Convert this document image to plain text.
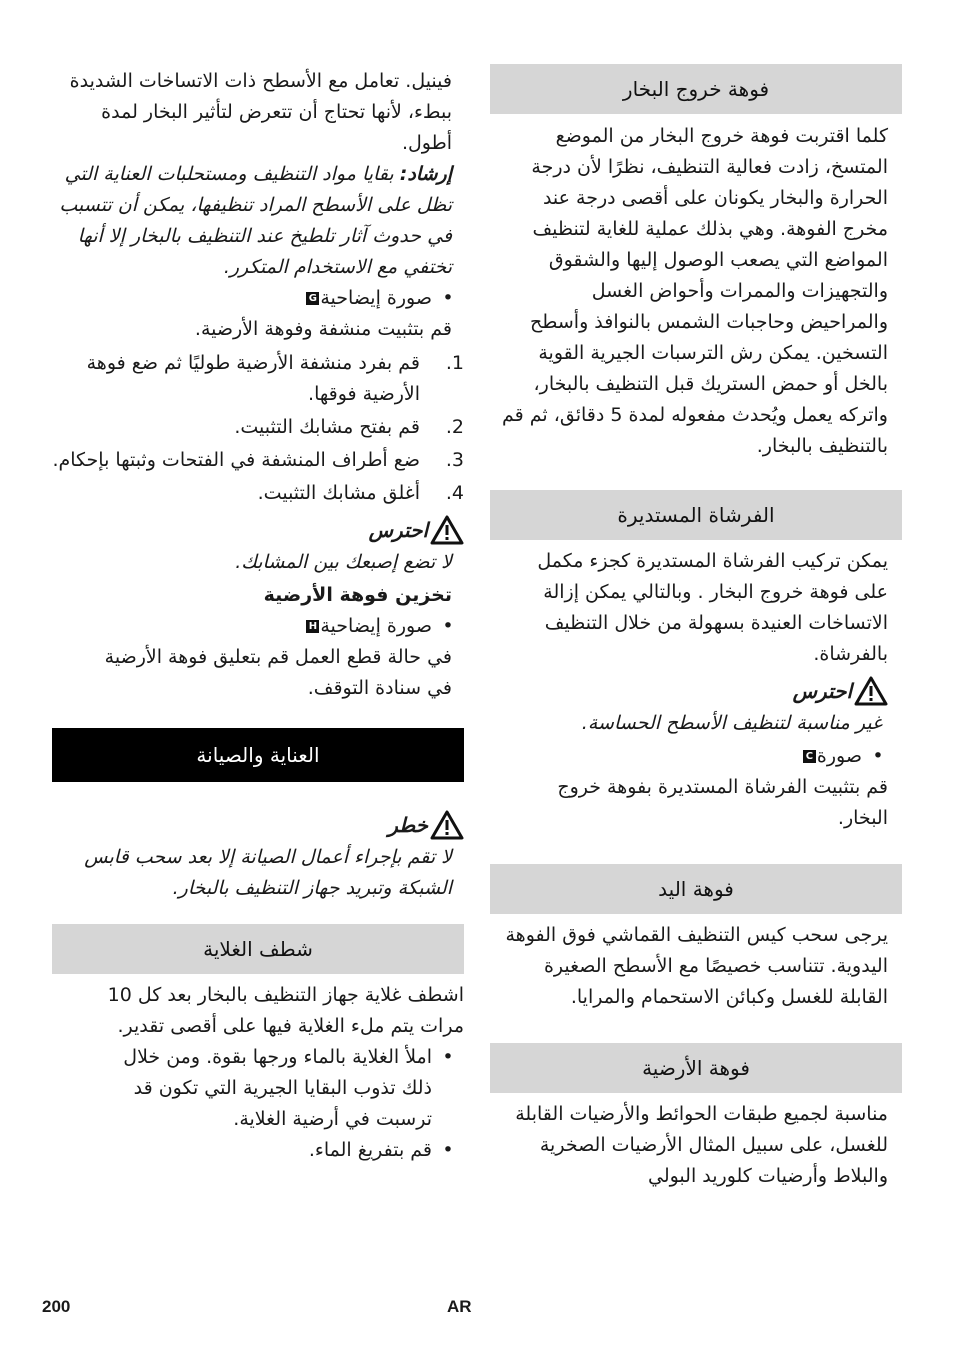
فوهة خروج البخار

كلما اقتربت فوهة خروج البخار من الموضع المتسخ، زادت فعالية التنظيف، نظرًا لأن درجة الحرارة والبخار يكونان على أقصى درجة عند مخرج الفوهة. وهي بذلك عملية للغاية لتنظيف المواضع التي يصعب الوصول إليها والشقوق والتجهيزات والممرات وأحواض الغسل والمراحيض وحاجبات الشمس بالنوافذ وأسطح التسخين. يمكن رش الترسبات الجيرية القوية بالخل أو حمض الستريك قبل التنظيف بالبخار، واتركه يعمل ويُحدث مفعوله لمدة 5 دقائق، ثم قم بالتنظيف بالبخار.

الفرشاة المستديرة

يمكن تركيب الفرشاة المستديرة كجزء مكمل على فوهة خروج البخار . وبالتالي يمكن إزالة الاتساخات العنيدة بسهولة من خلال التنظيف بالفرشاة.

احترس

غير مناسبة لتنظيف الأسطح الحساسة.

•
صورةC

قم بتثبيت الفرشاة المستديرة بفوهة خروج البخار.

فوهة اليد

يرجى سحب كيس التنظيف القماشي فوق الفوهة اليدوية. تتناسب خصيصًا مع الأسطح الصغيرة القابلة للغسل وكبائن الاستحمام والمرايا.

فوهة الأرضية

مناسبة لجميع طبقات الحوائط والأرضيات القابلة للغسل، على سبيل المثال الأرضيات الصخرية والبلاط وأرضيات كلوريد البولي

فينيل. تعامل مع الأسطح ذات الاتساخات الشديدة ببطء، لأنها تحتاج أن تتعرض لتأثير البخار لمدة أطول.

إرشاد: بقايا مواد التنظيف ومستحلبات العناية التي تظل على الأسطح المراد تنظيفها، يمكن أن تتسبب في حدوث آثار تلطيخ عند التنظيف بالبخار إلا أنها تختفي مع الاستخدام المتكرر.

•
صورة إيضاحيةG

قم بتثبيت منشفة وفوهة الأرضية.

1.
قم بفرد منشفة الأرضية طوليًا ثم ضع فوهة الأرضية فوقها.
2.
قم بفتح مشابك التثبيت.
3.
ضع أطراف المنشفة في الفتحات وثبتها بإحكام.
4.
أغلق مشابك التثبيت.
احترس

لا تضع إصبعك بين المشابك.

تخزين فوهة الأرضية

•
صورة إيضاحيةH

في حالة قطع العمل قم بتعليق فوهة الأرضية في سنادة التوقف.

العناية والصيانة
خطر

لا تقم بإجراء أعمال الصيانة إلا بعد سحب قابس الشبكة وتبريد جهاز التنظيف بالبخار.

شطف الغلاية

اشطف غلاية جهاز التنظيف بالبخار بعد كل 10 مرات يتم ملء الغلاية فيها على أقصى تقدير.

•
املأ الغلاية بالماء ورجها بقوة. ومن خلال ذلك تذوب البقايا الجيرية التي تكون قد ترسبت في أرضية الغلاية.
•
قم بتفريغ الماء.
200	AR
